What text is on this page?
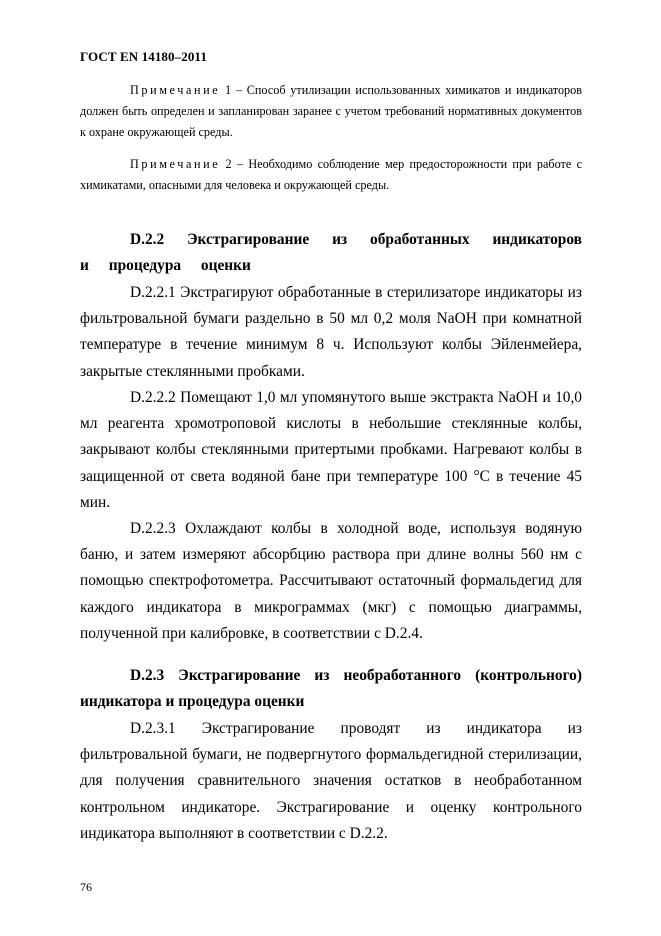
ГОСТ EN 14180–2011

Примечание 1 – Способ утилизации использованных химикатов и индикаторов должен быть определен и запланирован заранее с учетом требований нормативных документов к охране окружающей среды.

Примечание 2 – Необходимо соблюдение мер предосторожности при работе с химикатами, опасными для человека и окружающей среды.

D.2.2 Экстрагирование из обработанных индикаторов и процедура оценки

D.2.2.1 Экстрагируют обработанные в стерилизаторе индикаторы из фильтровальной бумаги раздельно в 50 мл 0,2 моля NaOH при комнатной температуре в течение минимум 8 ч. Используют колбы Эйленмейера, закрытые стеклянными пробками.

D.2.2.2 Помещают 1,0 мл упомянутого выше экстракта NaOH и 10,0 мл реагента хромотроповой кислоты в небольшие стеклянные колбы, закрывают колбы стеклянными притертыми пробками. Нагревают колбы в защищенной от света водяной бане при температуре 100 °С в течение 45 мин.

D.2.2.3 Охлаждают колбы в холодной воде, используя водяную баню, и затем измеряют абсорбцию раствора при длине волны 560 нм с помощью спектрофотометра. Рассчитывают остаточный формальдегид для каждого индикатора в микрограммах (мкг) с помощью диаграммы, полученной при калибровке, в соответствии с D.2.4.

D.2.3 Экстрагирование из необработанного (контрольного) индикатора и процедура оценки

D.2.3.1 Экстрагирование проводят из индикатора из фильтровальной бумаги, не подвергнутого формальдегидной стерилизации, для получения сравнительного значения остатков в необработанном контрольном индикаторе. Экстрагирование и оценку контрольного индикатора выполняют в соответствии с D.2.2.

76
